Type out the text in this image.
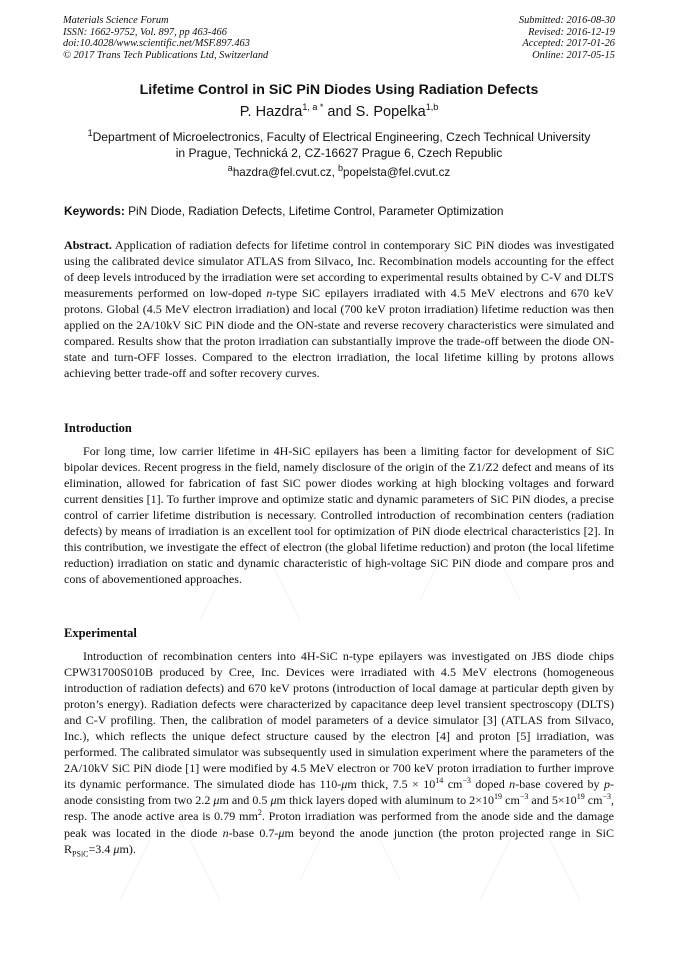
Materials Science Forum
ISSN: 1662-9752, Vol. 897, pp 463-466
doi:10.4028/www.scientific.net/MSF.897.463
© 2017 Trans Tech Publications Ltd, Switzerland
Submitted: 2016-08-30
Revised: 2016-12-19
Accepted: 2017-01-26
Online: 2017-05-15
Lifetime Control in SiC PiN Diodes Using Radiation Defects
P. Hazdra$^{1, a *}$ and S. Popelka$^{1,b}$
$^1$Department of Microelectronics, Faculty of Electrical Engineering, Czech Technical University
in Prague, Technická 2, CZ-16627 Prague 6, Czech Republic
$^a$hazdra@fel.cvut.cz, $^b$popelsta@fel.cvut.cz
Keywords: PiN Diode, Radiation Defects, Lifetime Control, Parameter Optimization
Abstract. Application of radiation defects for lifetime control in contemporary SiC PiN diodes was investigated using the calibrated device simulator ATLAS from Silvaco, Inc. Recombination models accounting for the effect of deep levels introduced by the irradiation were set according to experimental results obtained by C-V and DLTS measurements performed on low-doped n-type SiC epilayers irradiated with 4.5 MeV electrons and 670 keV protons. Global (4.5 MeV electron irradiation) and local (700 keV proton irradiation) lifetime reduction was then applied on the 2A/10kV SiC PiN diode and the ON-state and reverse recovery characteristics were simulated and compared. Results show that the proton irradiation can substantially improve the trade-off between the diode ON-state and turn-OFF losses. Compared to the electron irradiation, the local lifetime killing by protons allows achieving better trade-off and softer recovery curves.
Introduction
For long time, low carrier lifetime in 4H-SiC epilayers has been a limiting factor for development of SiC bipolar devices. Recent progress in the field, namely disclosure of the origin of the Z1/Z2 defect and means of its elimination, allowed for fabrication of fast SiC power diodes working at high blocking voltages and forward current densities [1]. To further improve and optimize static and dynamic parameters of SiC PiN diodes, a precise control of carrier lifetime distribution is necessary. Controlled introduction of recombination centers (radiation defects) by means of irradiation is an excellent tool for optimization of PiN diode electrical characteristics [2]. In this contribution, we investigate the effect of electron (the global lifetime reduction) and proton (the local lifetime reduction) irradiation on static and dynamic characteristic of high-voltage SiC PiN diode and compare pros and cons of abovementioned approaches.
Experimental
Introduction of recombination centers into 4H-SiC n-type epilayers was investigated on JBS diode chips CPW31700S010B produced by Cree, Inc. Devices were irradiated with 4.5 MeV electrons (homogeneous introduction of radiation defects) and 670 keV protons (introduction of local damage at particular depth given by proton’s energy). Radiation defects were characterized by capacitance deep level transient spectroscopy (DLTS) and C-V profiling. Then, the calibration of model parameters of a device simulator [3] (ATLAS from Silvaco, Inc.), which reflects the unique defect structure caused by the electron [4] and proton [5] irradiation, was performed. The calibrated simulator was subsequently used in simulation experiment where the parameters of the 2A/10kV SiC PiN diode [1] were modified by 4.5 MeV electron or 700 keV proton irradiation to further improve its dynamic performance. The simulated diode has 110-μm thick, $7.5 \times 10^{14}$ $cm^{-3}$ doped n-base covered by p-anode consisting from two 2.2 μm and 0.5 μm thick layers doped with aluminum to $2\times 10^{19}$ $cm^{-3}$ and $5\times 10^{19}$ $cm^{-3}$, resp. The anode active area is 0.79 $mm^2$. Proton irradiation was performed from the anode side and the damage peak was located in the diode n-base 0.7-μm beyond the anode junction (the proton projected range in SiC $R_{PSiC}=3.4$ μm).
